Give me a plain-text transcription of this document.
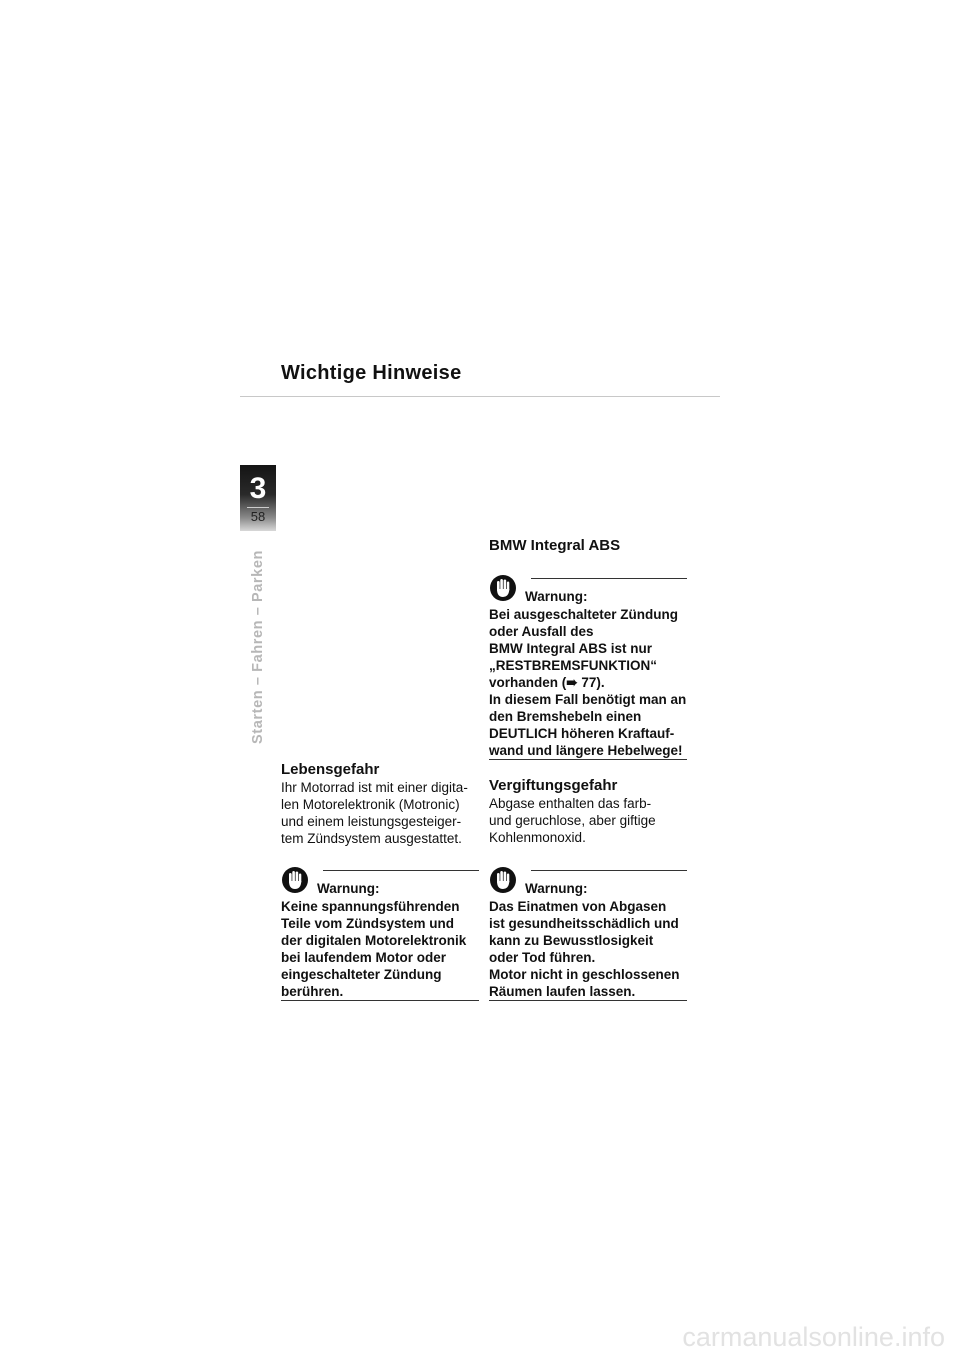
Wichtige Hinweise
3
58
Starten – Fahren – Parken
Lebensgefahr
Ihr Motorrad ist mit einer digita-
len Motorelektronik (Motronic)
und einem leistungsgesteiger-
tem Zündsystem ausgestattet.
Warnung:
Keine spannungsführenden
Teile vom Zündsystem und
der digitalen Motorelektronik
bei laufendem Motor oder
eingeschalteter Zündung
berühren.
BMW Integral ABS
Warnung:
Bei ausgeschalteter Zündung
oder Ausfall des
BMW Integral ABS ist nur
„RESTBREMSFUNKTION“
vorhanden (➠ 77).
In diesem Fall benötigt man an
den Bremshebeln einen
DEUTLICH höheren Kraftauf-
wand und längere Hebelwege!
Vergiftungsgefahr
Abgase enthalten das farb-
und geruchlose, aber giftige
Kohlenmonoxid.
Warnung:
Das Einatmen von Abgasen
ist gesundheitsschädlich und
kann zu Bewusstlosigkeit
oder Tod führen.
Motor nicht in geschlossenen
Räumen laufen lassen.
carmanualsonline.info
